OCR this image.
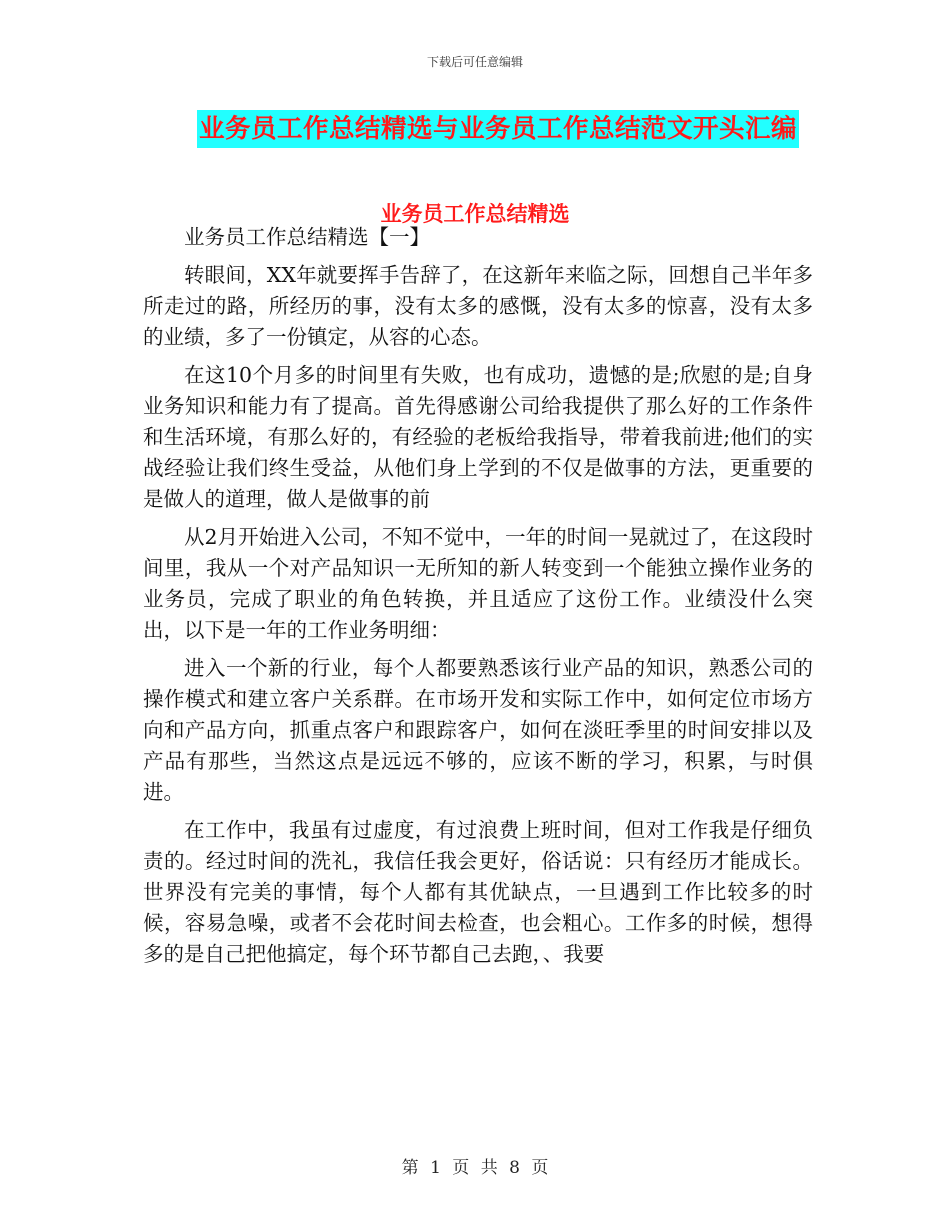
下载后可任意编辑
业务员工作总结精选与业务员工作总结范文开头汇编
业务员工作总结精选

业务员工作总结精选【一】

转眼间，XX年就要挥手告辞了，在这新年来临之际，回想自己半年多所走过的路，所经历的事，没有太多的感慨，没有太多的惊喜，没有太多的业绩，多了一份镇定，从容的心态。

在这10个月多的时间里有失败，也有成功，遗憾的是;欣慰的是;自身业务知识和能力有了提高。首先得感谢公司给我提供了那么好的工作条件和生活环境，有那么好的，有经验的老板给我指导，带着我前进;他们的实战经验让我们终生受益，从他们身上学到的不仅是做事的方法，更重要的是做人的道理，做人是做事的前

从2月开始进入公司，不知不觉中，一年的时间一晃就过了，在这段时间里，我从一个对产品知识一无所知的新人转变到一个能独立操作业务的业务员，完成了职业的角色转换，并且适应了这份工作。业绩没什么突出，以下是一年的工作业务明细：

进入一个新的行业，每个人都要熟悉该行业产品的知识，熟悉公司的操作模式和建立客户关系群。在市场开发和实际工作中，如何定位市场方向和产品方向，抓重点客户和跟踪客户，如何在淡旺季里的时间安排以及产品有那些，当然这点是远远不够的，应该不断的学习，积累，与时俱进。

在工作中，我虽有过虚度，有过浪费上班时间，但对工作我是仔细负责的。经过时间的洗礼，我信任我会更好，俗话说：只有经历才能成长。世界没有完美的事情，每个人都有其优缺点，一旦遇到工作比较多的时候，容易急噪，或者不会花时间去检查，也会粗心。工作多的时候，想得多的是自己把他搞定，每个环节都自己去跑，、我要

第 1 页 共 8 页
